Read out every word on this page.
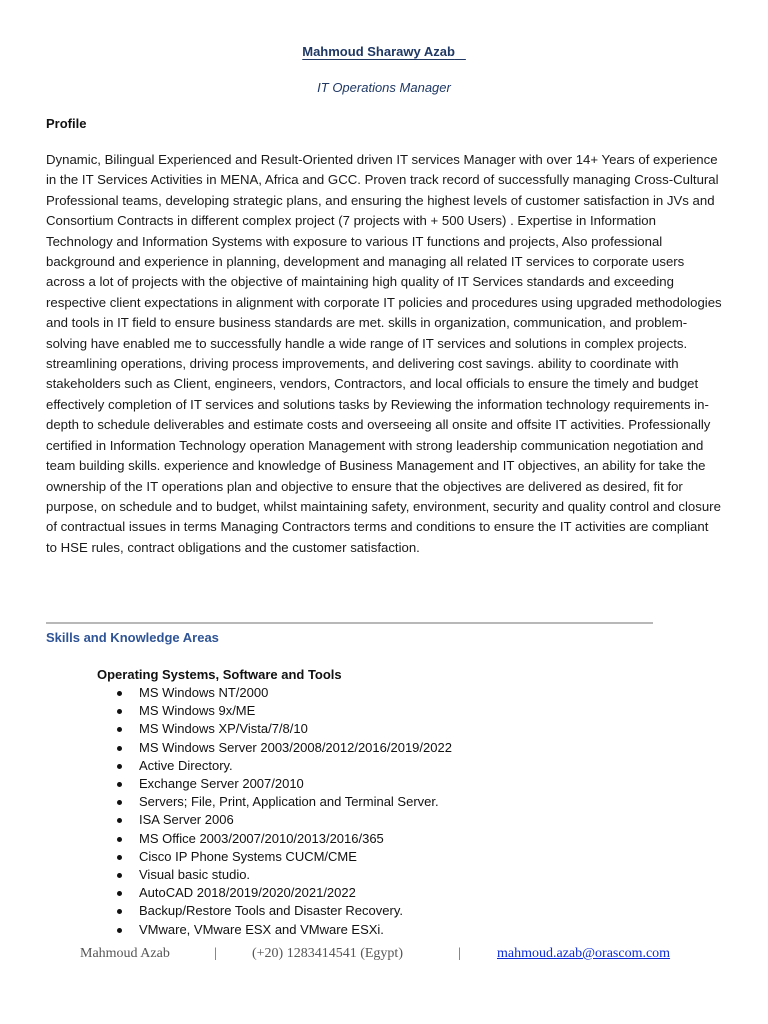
Mahmoud Sharawy Azab
IT Operations Manager
Profile

Dynamic, Bilingual Experienced and Result-Oriented driven IT services Manager with over 14+ Years of experience in the IT Services Activities in MENA, Africa and GCC. Proven track record of successfully managing Cross-Cultural Professional teams, developing strategic plans, and ensuring the highest levels of customer satisfaction in JVs and Consortium Contracts in different complex project (7 projects with + 500 Users) . Expertise in Information Technology and Information Systems with exposure to various IT functions and projects, Also professional background and experience in planning, development and managing all related IT services to corporate users across a lot of projects with the objective of maintaining high quality of IT Services standards and exceeding respective client expectations in alignment with corporate IT policies and procedures using upgraded methodologies and tools in IT field to ensure business standards are met. skills in organization, communication, and problem-solving have enabled me to successfully handle a wide range of IT services and solutions in complex projects. streamlining operations, driving process improvements, and delivering cost savings. ability to coordinate with stakeholders such as Client, engineers, vendors, Contractors, and local officials to ensure the timely and budget effectively completion of IT services and solutions tasks by Reviewing the information technology requirements in-depth to schedule deliverables and estimate costs and overseeing all onsite and offsite IT activities. Professionally certified in Information Technology operation Management with strong leadership communication negotiation and team building skills. experience and knowledge of Business Management and IT objectives, an ability for take the ownership of the IT operations plan and objective to ensure that the objectives are delivered as desired, fit for purpose, on schedule and to budget, whilst maintaining safety, environment, security and quality control and closure of contractual issues in terms Managing Contractors terms and conditions to ensure the IT activities are compliant to HSE rules, contract obligations and the customer satisfaction.

Skills and Knowledge Areas
Operating Systems, Software and Tools
MS Windows NT/2000
MS Windows 9x/ME
MS Windows XP/Vista/7/8/10
MS Windows Server 2003/2008/2012/2016/2019/2022
Active Directory.
Exchange Server 2007/2010
Servers; File, Print, Application and Terminal Server.
ISA Server 2006
MS Office 2003/2007/2010/2013/2016/365
Cisco IP Phone Systems CUCM/CME
Visual basic studio.
AutoCAD 2018/2019/2020/2021/2022
Backup/Restore Tools and Disaster Recovery.
VMware, VMware ESX and VMware ESXi.
Mahmoud Azab	|	(+20) 1283414541 (Egypt)	|	mahmoud.azab@orascom.com
